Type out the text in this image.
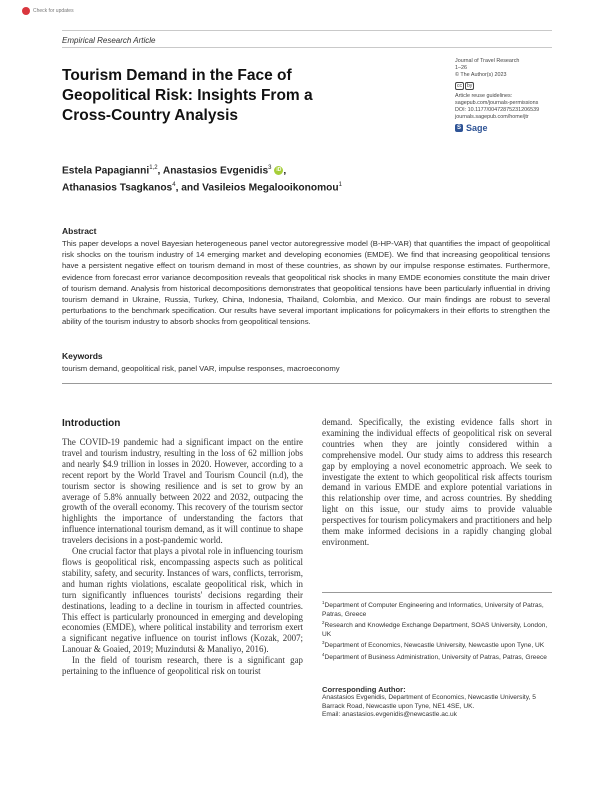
Check for updates
Empirical Research Article
Tourism Demand in the Face of Geopolitical Risk: Insights From a Cross-Country Analysis
Journal of Travel Research
1–26
© The Author(s) 2023
cc	by
Article reuse guidelines:
sagepub.com/journals-permissions
DOI: 10.1177/00472875231206539
journals.sagepub.com/home/jtr
S Sage
Estela Papagianni$^{1,2}$, Anastasios Evgenidis$^3$ iD ,
Athanasios Tsagkanos$^4$, and Vasileios Megalooikonomou$^1$
Abstract
This paper develops a novel Bayesian heterogeneous panel vector autoregressive model (B-HP-VAR) that quantifies the impact of geopolitical risk shocks on the tourism industry of 14 emerging market and developing economies (EMDE). We find that increasing geopolitical tensions have a persistent negative effect on tourism demand in most of these countries, as shown by our impulse response estimates. Furthermore, evidence from forecast error variance decomposition reveals that geopolitical risk shocks in many EMDE economies constitute the main driver of tourism demand. Analysis from historical decompositions demonstrates that geopolitical tensions have been particularly influential in driving tourism demand in Ukraine, Russia, Turkey, China, Indonesia, Thailand, Colombia, and Mexico. Our main findings are robust to several perturbations to the benchmark specification. Our results have several important implications for policymakers in their efforts to strengthen the ability of the tourism industry to absorb shocks from geopolitical tensions.
Keywords
tourism demand, geopolitical risk, panel VAR, impulse responses, macroeconomy
Introduction

The COVID-19 pandemic had a significant impact on the entire travel and tourism industry, resulting in the loss of 62 million jobs and nearly $4.9 trillion in losses in 2020. However, according to a recent report by the World Travel and Tourism Council (n.d), the tourism sector is showing resilience and is set to grow by an average of 5.8% annually between 2022 and 2032, outpacing the growth of the overall economy. This recovery of the tourism sector highlights the importance of understanding the factors that influence international tourism demand, as it will continue to shape travelers decisions in a post-pandemic world.

One crucial factor that plays a pivotal role in influencing tourism flows is geopolitical risk, encompassing aspects such as political stability, safety, and security. Instances of wars, conflicts, terrorism, and human rights violations, escalate geopolitical risk, which in turn significantly influences tourists' decisions regarding their destinations, leading to a decline in tourism in affected countries. This effect is particularly pronounced in emerging and developing economies (EMDE), where political instability and terrorism exert a significant negative influence on tourist inflows (Kozak, 2007; Lanouar & Goaied, 2019; Muzindutsi & Manaliyo, 2016).

In the field of tourism research, there is a significant gap pertaining to the influence of geopolitical risk on tourist

demand. Specifically, the existing evidence falls short in examining the individual effects of geopolitical risk on several countries when they are jointly considered within a comprehensive model. Our study aims to address this research gap by employing a novel econometric approach. We seek to investigate the extent to which geopolitical risk affects tourism demand in various EMDE and explore potential variations in this relationship over time, and across countries. By shedding light on this issue, our study aims to provide valuable perspectives for tourism policymakers and practitioners and help them make informed decisions in a rapidly changing global environment.

$^1$Department of Computer Engineering and Informatics, University of Patras, Patras, Greece
$^2$Research and Knowledge Exchange Department, SOAS University, London, UK
$^3$Department of Economics, Newcastle University, Newcastle upon Tyne, UK
$^4$Department of Business Administration, University of Patras, Patras, Greece
Corresponding Author:
Anastasios Evgenidis, Department of Economics, Newcastle University, 5 Barrack Road, Newcastle upon Tyne, NE1 4SE, UK.
Email: anastasios.evgenidis@newcastle.ac.uk
